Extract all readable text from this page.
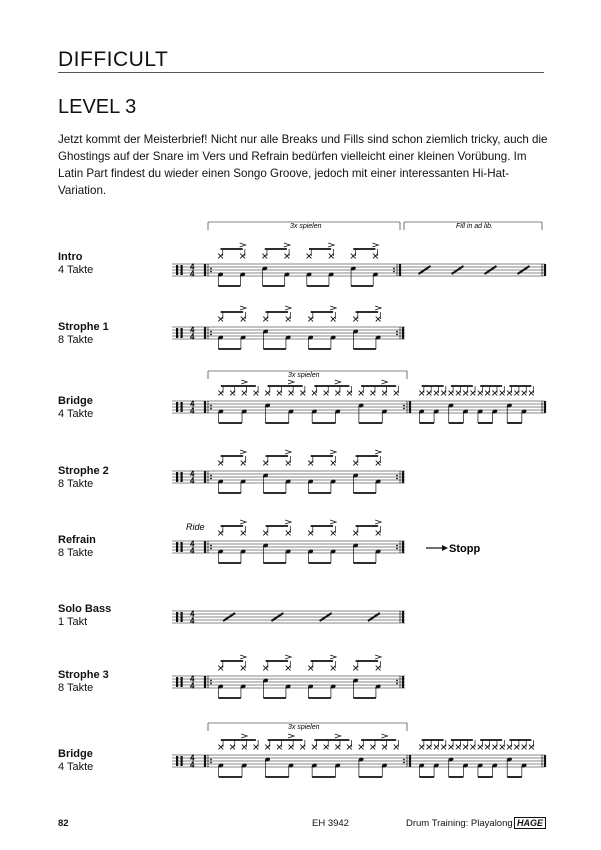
DIFFICULT
LEVEL 3

Jetzt kommt der Meisterbrief! Nicht nur alle Breaks und Fills sind schon ziemlich tricky, auch die Ghostings auf der Snare im Vers und Refrain bedürfen vielleicht einer kleinen Vorübung. Im Latin Part findest du wieder einen Songo Groove, jedoch mit einer interessanten Hi-Hat-Variation.

Intro
4 Takte
Strophe 1
8 Takte
Bridge
4 Takte
Strophe 2
8 Takte
Refrain
8 Takte
Solo Bass
1 Takt
Strophe 3
8 Takte
Bridge
4 Takte
4
4
4
4
4
4
4
4
4
4
4
4
4
4
4
4
3x spielen	Fill in ad lib.
3x spielen
Ride
Stopp
3x spielen
82	EH 3942	Drum Training: Playalong HAGE
